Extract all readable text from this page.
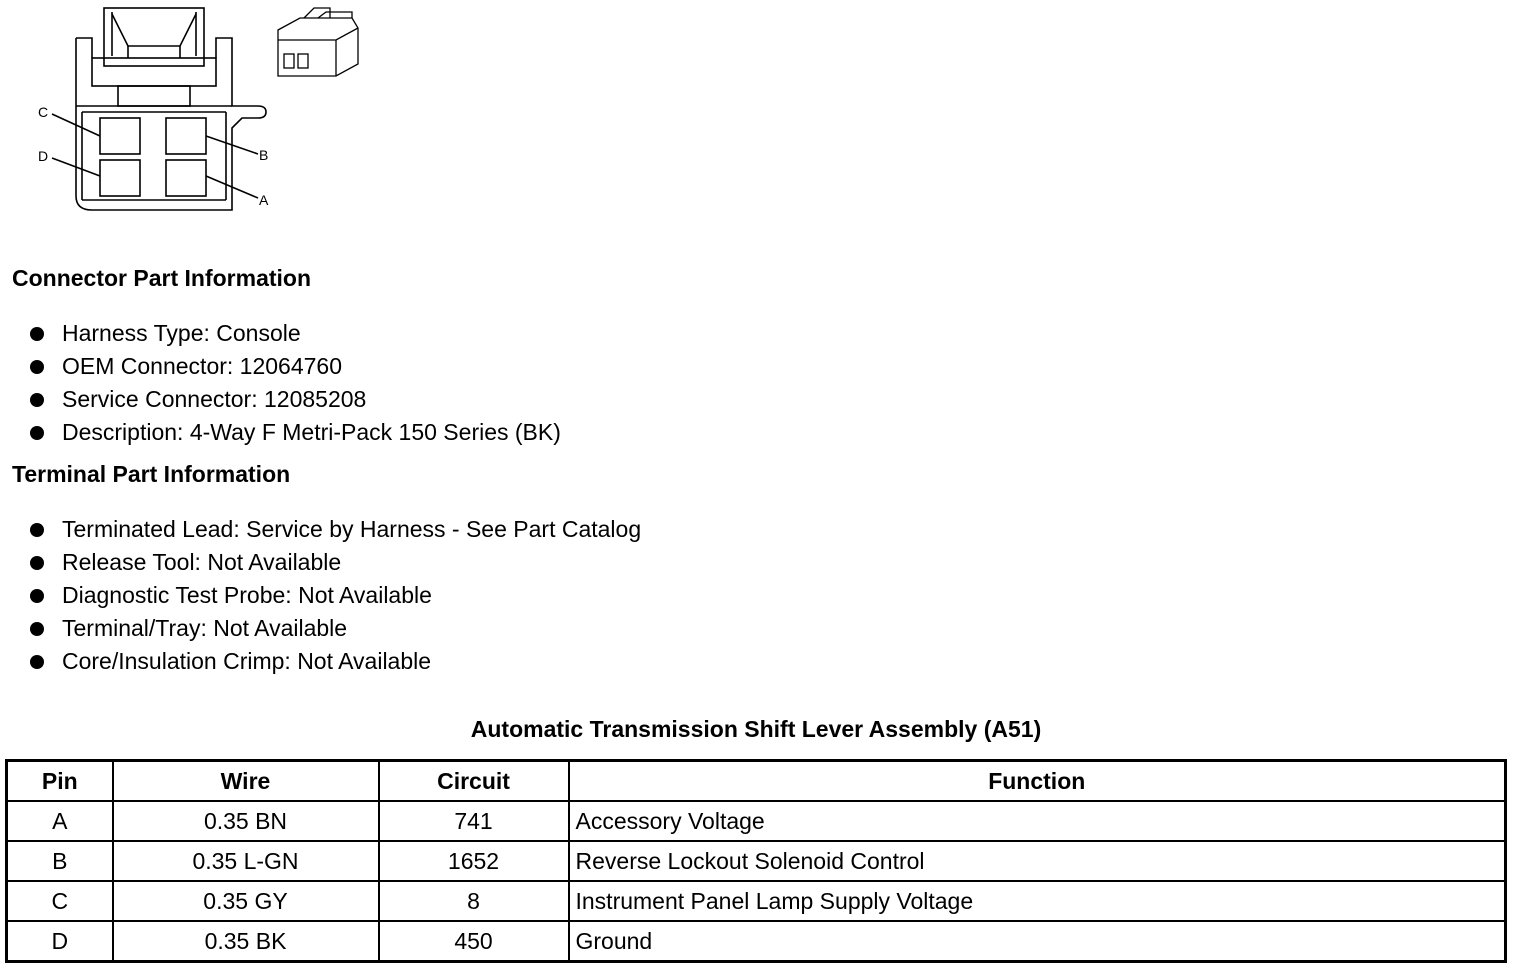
C
D	B
A
Connector Part Information
Harness Type: Console
OEM Connector: 12064760
Service Connector: 12085208
Description: 4-Way F Metri-Pack 150 Series (BK)
Terminal Part Information
Terminated Lead: Service by Harness - See Part Catalog
Release Tool: Not Available
Diagnostic Test Probe: Not Available
Terminal/Tray: Not Available
Core/Insulation Crimp: Not Available
Automatic Transmission Shift Lever Assembly (A51)
Pin	Wire	Circuit	Function
A	0.35 BN	741	Accessory Voltage
B	0.35 L-GN	1652	Reverse Lockout Solenoid Control
C	0.35 GY	8	Instrument Panel Lamp Supply Voltage
D	0.35 BK	450	Ground
